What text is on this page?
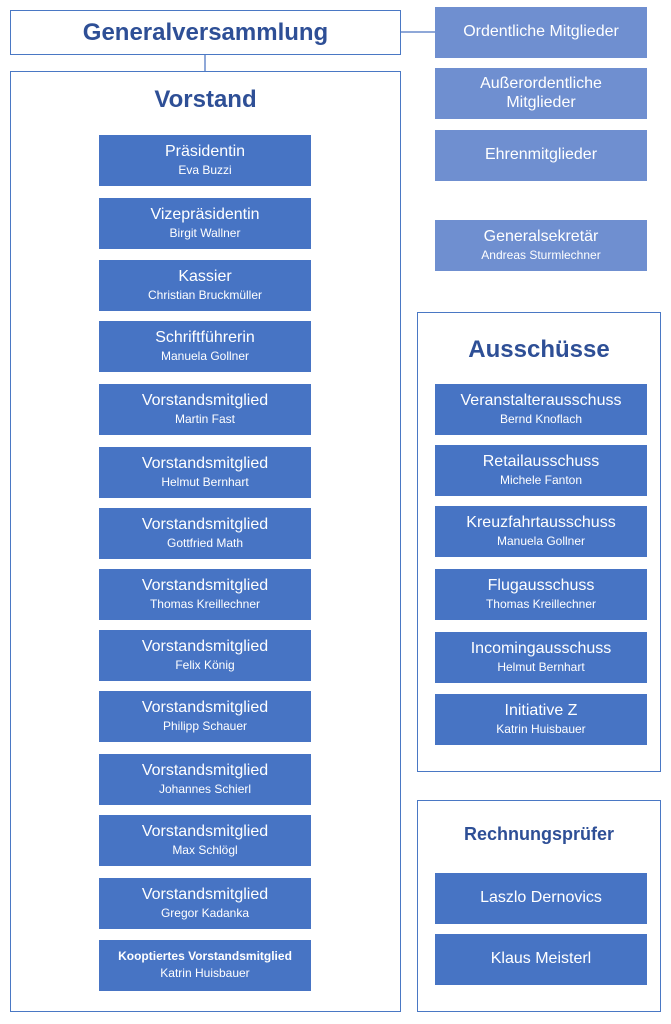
Generalversammlung	Ordentliche Mitglieder
Außerordentliche Mitglieder
Ehrenmitglieder
Generalsekretär
Andreas Sturmlechner
Vorstand
Präsidentin
Eva Buzzi
Vizepräsidentin
Birgit Wallner
Kassier
Christian Bruckmüller
Schriftführerin
Manuela Gollner
Vorstandsmitglied
Martin Fast
Vorstandsmitglied
Helmut Bernhart
Vorstandsmitglied
Gottfried Math
Vorstandsmitglied
Thomas Kreillechner
Vorstandsmitglied
Felix König
Vorstandsmitglied
Philipp Schauer
Vorstandsmitglied
Johannes Schierl
Vorstandsmitglied
Max Schlögl
Vorstandsmitglied
Gregor Kadanka
Kooptiertes Vorstandsmitglied
Katrin Huisbauer
Ausschüsse
Veranstalterausschuss
Bernd Knoflach
Retailausschuss
Michele Fanton
Kreuzfahrtausschuss
Manuela Gollner
Flugausschuss
Thomas Kreillechner
Incomingausschuss
Helmut Bernhart
Initiative Z
Katrin Huisbauer
Rechnungsprüfer
Laszlo Dernovics
Klaus Meisterl
